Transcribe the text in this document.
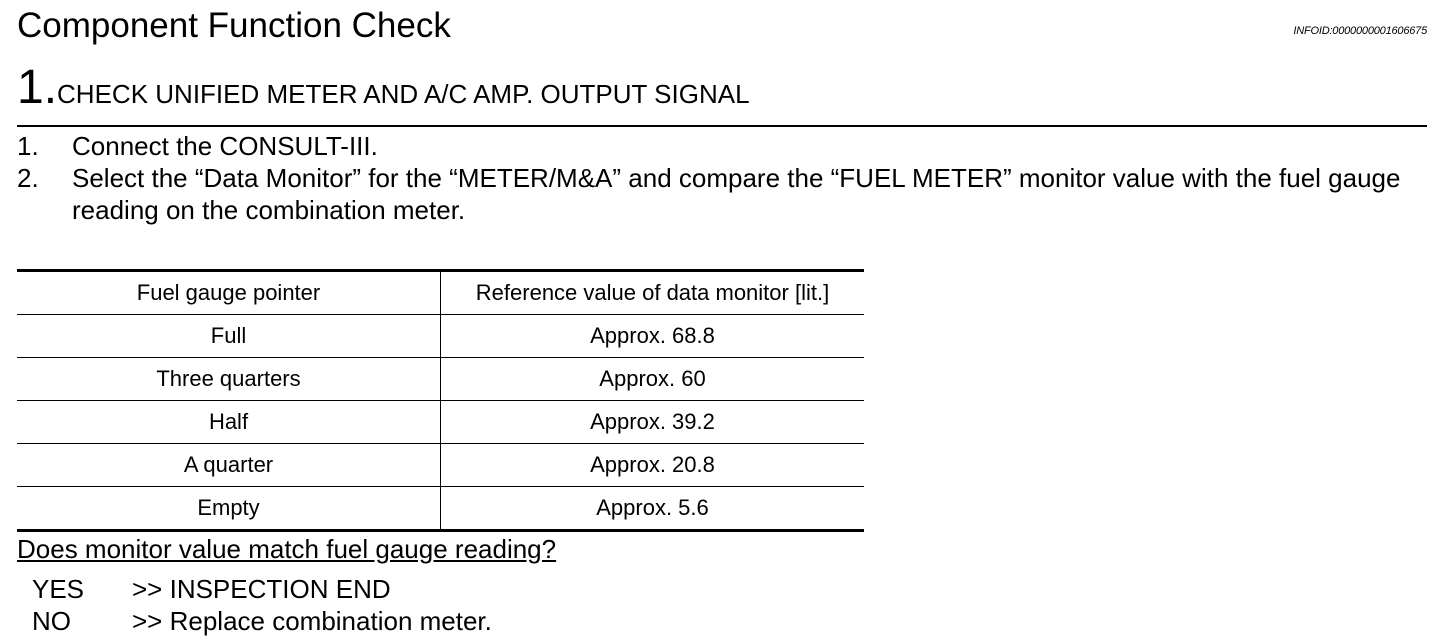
Component Function Check	INFOID:0000000001606675
1.CHECK UNIFIED METER AND A/C AMP. OUTPUT SIGNAL
1. Connect the CONSULT-III.
2. Select the “Data Monitor” for the “METER/M&A” and compare the “FUEL METER” monitor value with the fuel gauge reading on the combination meter.
Fuel gauge pointer	Reference value of data monitor [lit.]
Full	Approx. 68.8
Three quarters	Approx. 60
Half	Approx. 39.2
A quarter	Approx. 20.8
Empty	Approx. 5.6
Does monitor value match fuel gauge reading?
YES >> INSPECTION END
NO >> Replace combination meter.
